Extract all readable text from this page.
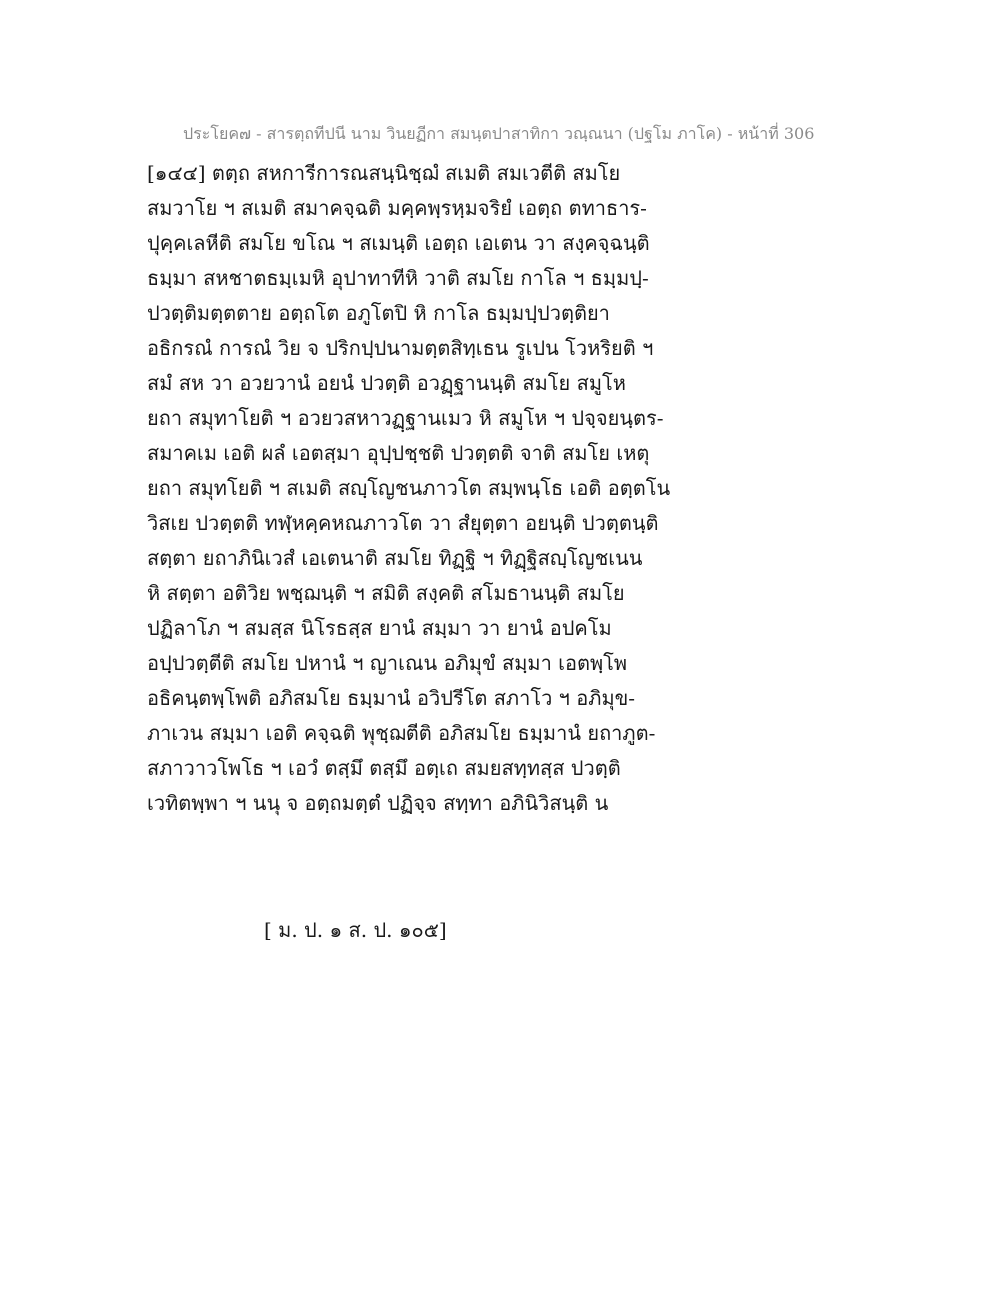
ประโยค๗ - สารตฺถทีปนี นาม วินยฏีกา สมนฺตปาสาทิกา วณฺณนา (ปฐโม ภาโค) - หน้าที่ 306
[๑๔๔] ตตฺถ สหการีการณสนฺนิชฺฌํ สเมติ สมเวตีติ สมโย
สมวาโย ฯ สเมติ สมาคจฺฉติ มคฺคพฺรหฺมจริยํ เอตฺถ ตทาธาร-
ปุคฺคเลหีติ สมโย ขโณ ฯ สเมนฺติ เอตฺถ เอเตน วา สงฺคจฺฉนฺติ
ธมฺมา สหชาตธมฺเมหิ อุปาทาทีหิ วาติ สมโย กาโล ฯ ธมฺมปฺ-
ปวตฺติมตฺตตาย อตฺถโต อภูโตปิ หิ กาโล ธมฺมปฺปวตฺติยา
อธิกรณํ การณํ วิย จ ปริกปฺปนามตฺตสิทฺเธน รูเปน โวหริยติ ฯ
สมํ สห วา อวยวานํ อยนํ ปวตฺติ อวฏฺฐานนฺติ สมโย สมูโห
ยถา สมุทาโยติ ฯ อวยวสหาวฏฺฐานเมว หิ สมูโห ฯ ปจฺจยนฺตร-
สมาคเม เอติ ผลํ เอตสฺมา อุปฺปชฺชติ ปวตฺตติ จาติ สมโย เหตุ
ยถา สมุทโยติ ฯ สเมติ สญฺโญชนภาวโต สมฺพนฺโธ เอติ อตฺตโน
วิสเย ปวตฺตติ ทฬฺหคฺคหณภาวโต วา สํยุตฺตา อยนฺติ ปวตฺตนฺติ
สตฺตา ยถาภินิเวสํ เอเตนาติ สมโย ทิฏฺฐิ ฯ ทิฏฺฐิสญฺโญชเนน
หิ สตฺตา อติวิย พชฺฌนฺติ ฯ สมิติ สงฺคติ สโมธานนฺติ สมโย
ปฏิลาโภ ฯ สมสฺส นิโรธสฺส ยานํ สมฺมา วา ยานํ อปคโม
อปฺปวตฺตีติ สมโย ปหานํ ฯ ญาเณน อภิมุขํ สมฺมา เอตพฺโพ
อธิคนฺตพฺโพติ อภิสมโย ธมฺมานํ อวิปรีโต สภาโว ฯ อภิมุข-
ภาเวน สมฺมา เอติ คจฺฉติ พุชฺฌตีติ อภิสมโย ธมฺมานํ ยถาภูต-
สภาวาวโพโธ ฯ เอวํ ตสฺมึ ตสฺมึ อตฺเถ สมยสทฺทสฺส ปวตฺติ
เวทิตพฺพา ฯ นนุ จ อตฺถมตฺตํ ปฏิจฺจ สทฺทา อภินิวิสนฺติ น
[ ม. ป. ๑ ส. ป. ๑๐๕]
